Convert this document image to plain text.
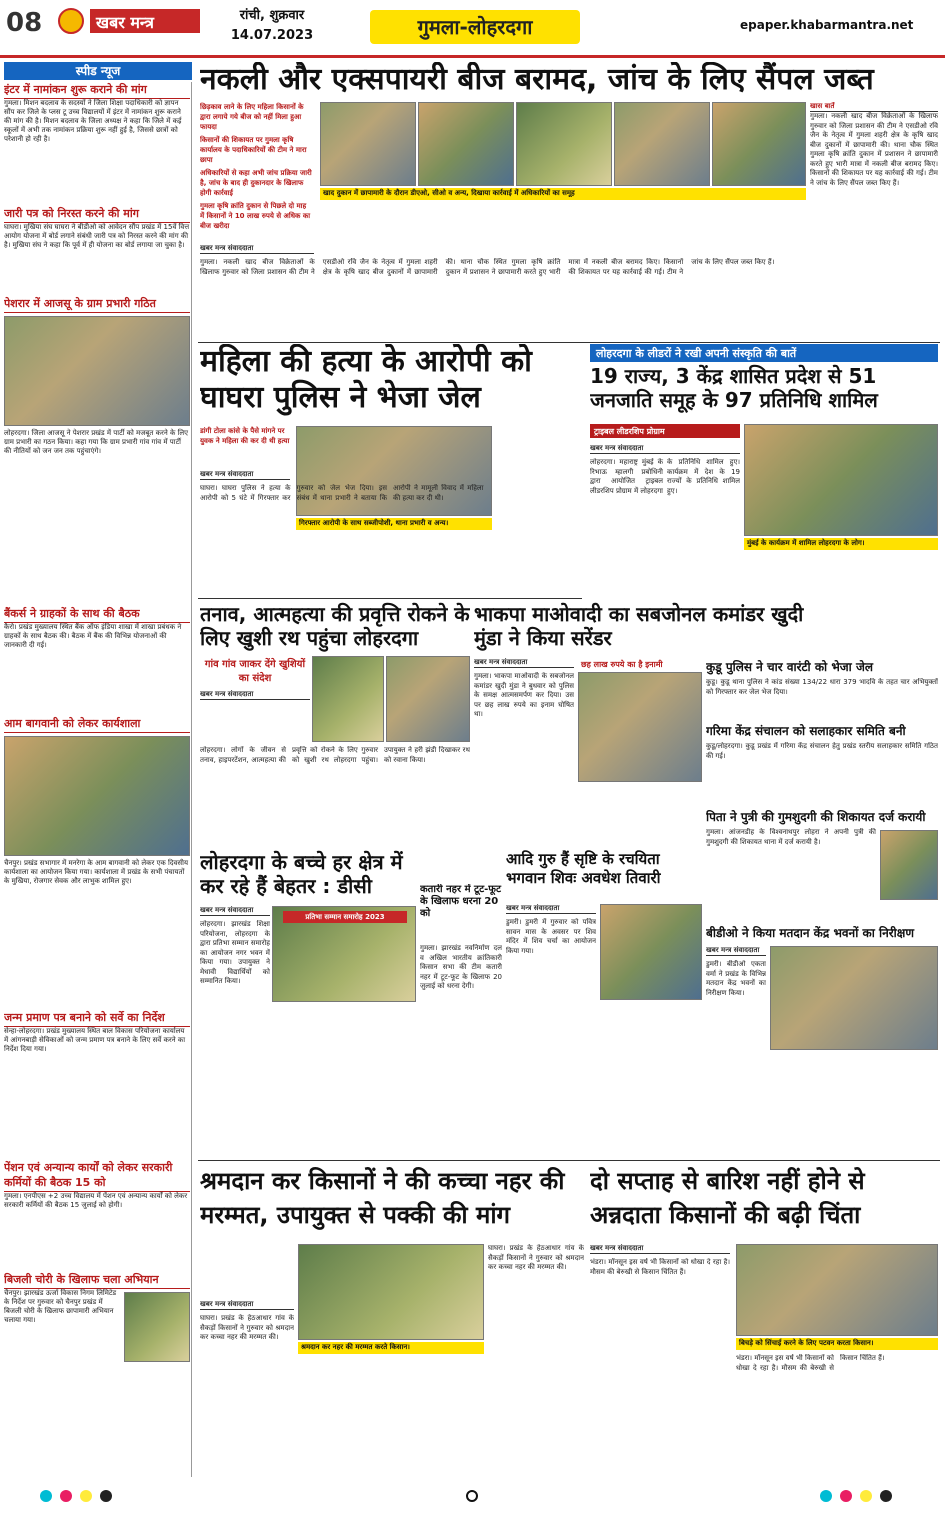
08	खबर मन्त्र	रांची, शुक्रवार
14.07.2023	गुमला-लोहरदगा	epaper.khabarmantra.net
स्पीड न्यूज
इंटर में नामांकन शुरू कराने की मांग
गुमला। मिशन बदलाव के सदस्यों ने जिला शिक्षा पदाधिकारी को ज्ञापन सौंप कर जिले के प्लस टू उच्च विद्यालयों में इंटर में नामांकन शुरू कराने की मांग की है। मिशन बदलाव के जिला अध्यक्ष ने कहा कि जिले में कई स्कूलों में अभी तक नामांकन प्रक्रिया शुरू नहीं हुई है, जिससे छात्रों को परेशानी हो रही है।
जारी पत्र को निरस्त करने की मांग
घाघरा। मुखिया संघ घाघरा ने बीडीओ को आवेदन सौंप प्रखंड में 15वें वित्त आयोग योजना में बोर्ड लगाने संबंधी जारी पत्र को निरस्त करने की मांग की है। मुखिया संघ ने कहा कि पूर्व में ही योजना का बोर्ड लगाया जा चुका है।
पेशरार में आजसू के ग्राम प्रभारी गठित
लोहरदगा। जिला आजसू ने पेशरार प्रखंड में पार्टी को मजबूत करने के लिए ग्राम प्रभारी का गठन किया। कहा गया कि ग्राम प्रभारी गांव गांव में पार्टी की नीतियों को जन जन तक पहुंचाएंगे।
बैंकर्स ने ग्राहकों के साथ की बैठक
कैरो। प्रखंड मुख्यालय स्थित बैंक ऑफ इंडिया शाखा में शाखा प्रबंधक ने ग्राहकों के साथ बैठक की। बैठक में बैंक की विभिन्न योजनाओं की जानकारी दी गई।
आम बागवानी को लेकर कार्यशाला
चैनपुर। प्रखंड सभागार में मनरेगा के आम बागवानी को लेकर एक दिवसीय कार्यशाला का आयोजन किया गया। कार्यशाला में प्रखंड के सभी पंचायतों के मुखिया, रोजगार सेवक और लाभुक शामिल हुए।
जन्म प्रमाण पत्र बनाने को सर्वे का निर्देश
सेन्हा-लोहरदगा। प्रखंड मुख्यालय स्थित बाल विकास परियोजना कार्यालय में आंगनबाड़ी सेविकाओं को जन्म प्रमाण पत्र बनाने के लिए सर्वे करने का निर्देश दिया गया।
पेंशन एवं अन्यान्य कार्यों को लेकर सरकारी कर्मियों की बैठक 15 को
गुमला। एनपीएस +2 उच्च विद्यालय में पेंशन एवं अन्यान्य कार्यों को लेकर सरकारी कर्मियों की बैठक 15 जुलाई को होगी।
बिजली चोरी के खिलाफ चला अभियान
चैनपुर। झारखंड ऊर्जा विकास निगम लिमिटेड के निर्देश पर गुरुवार को चैनपुर प्रखंड में बिजली चोरी के खिलाफ छापामारी अभियान चलाया गया।
नकली और एक्सपायरी बीज बरामद, जांच के लिए सैंपल जब्त
छिड़काव लाने के लिए महिला किसानों के द्वारा लगाये गये बीज को नहीं मिला हुआ फायदा
किसानों की शिकायत पर गुमला कृषि कार्यालय के पदाधिकारियों की टीम ने मारा छापा
अधिकारियों से कहा अभी जांच प्रक्रिया जारी है, जांच के बाद ही दुकानदार के खिलाफ होगी कार्रवाई
गुमला कृषि क्रांति दुकान से पिछले दो माह में किसानों ने 10 लाख रुपये से अधिक का बीज खरीदा
खाद दुकान में छापामारी के दौरान डीएओ, सीओ व अन्य, दिखाया कार्रवाई में अधिकारियों का समूह
खास बातें
गुमला। नकली खाद बीज विक्रेताओं के खिलाफ गुरुवार को जिला प्रशासन की टीम ने एसडीओ रवि जैन के नेतृत्व में गुमला शहरी क्षेत्र के कृषि खाद बीज दुकानों में छापामारी की। थाना चौक स्थित गुमला कृषि क्रांति दुकान में प्रशासन ने छापामारी करते हुए भारी मात्रा में नकली बीज बरामद किए। किसानों की शिकायत पर यह कार्रवाई की गई। टीम ने जांच के लिए सैंपल जब्त किए हैं।
खबर मन्त्र संवाददाता
गुमला। नकली खाद बीज विक्रेताओं के खिलाफ गुरुवार को जिला प्रशासन की टीम ने एसडीओ रवि जैन के नेतृत्व में गुमला शहरी क्षेत्र के कृषि खाद बीज दुकानों में छापामारी की। थाना चौक स्थित गुमला कृषि क्रांति दुकान में प्रशासन ने छापामारी करते हुए भारी मात्रा में नकली बीज बरामद किए। किसानों की शिकायत पर यह कार्रवाई की गई। टीम ने जांच के लिए सैंपल जब्त किए हैं।
महिला की हत्या के आरोपी को घाघरा पुलिस ने भेजा जेल
डांगी टोला कांसे के पैसे मांगने पर युवक ने महिला की कर दी थी हत्या
गिरफ्तार आरोपी के साथ सब्जीपोशी, थाना प्रभारी व अन्य।
खबर मन्त्र संवाददाता
घाघरा। घाघरा पुलिस ने हत्या के आरोपी को 5 घंटे में गिरफ्तार कर गुरुवार को जेल भेज दिया। इस संबंध में थाना प्रभारी ने बताया कि आरोपी ने मामूली विवाद में महिला की हत्या कर दी थी।
लोहरदगा के लीडरों ने रखी अपनी संस्कृति की बातें
19 राज्य, 3 केंद्र शासित प्रदेश से 51 जनजाति समूह के 97 प्रतिनिधि शामिल
ट्राइबल लीडरशिप प्रोग्राम
खबर मन्त्र संवाददाता
लोहरदगा। महाराष्ट्र मुंबई के रिभाऊ म्हालगी प्रबोधिनी द्वारा आयोजित ट्राइबल लीडरशिप प्रोग्राम में लोहरदगा के प्रतिनिधि शामिल हुए। कार्यक्रम में देश के 19 राज्यों के प्रतिनिधि शामिल हुए।
मुंबई के कार्यक्रम में शामिल लोहरदगा के लोग।
तनाव, आत्महत्या की प्रवृत्ति रोकने के लिए खुशी रथ पहुंचा लोहरदगा
गांव गांव जाकर देंगे खुशियों का संदेश
खबर मन्त्र संवाददाता
लोहरदगा। लोगों के जीवन से तनाव, हाइपरटेंशन, आत्महत्या की प्रवृत्ति को रोकने के लिए गुरुवार को खुशी रथ लोहरदगा पहुंचा। उपायुक्त ने हरी झंडी दिखाकर रथ को रवाना किया।
भाकपा माओवादी का सबजोनल कमांडर खुदी मुंडा ने किया सरेंडर
खबर मन्त्र संवाददाता
गुमला। भाकपा माओवादी के सबजोनल कमांडर खुदी मुंडा ने बुधवार को पुलिस के समक्ष आत्मसमर्पण कर दिया। उस पर छह लाख रुपये का इनाम घोषित था।
छह लाख रुपये का है इनामी	कुडू पुलिस ने चार वारंटी को भेजा जेल
कुडू। कुडू थाना पुलिस ने कांड संख्या 134/22 धारा 379 भादवि के तहत चार अभियुक्तों को गिरफ्तार कर जेल भेज दिया।
गरिमा केंद्र संचालन को सलाहकार समिति बनी
कुडू/लोहरदगा। कुडू प्रखंड में गरिमा केंद्र संचालन हेतु प्रखंड स्तरीय सलाहकार समिति गठित की गई।
पिता ने पुत्री की गुमशुदगी की शिकायत दर्ज करायी
गुमला। आंजनडीह के विश्वनाथपुर लोहरा ने अपनी पुत्री की गुमशुदगी की शिकायत थाना में दर्ज करायी है।
लोहरदगा के बच्चे हर क्षेत्र में कर रहे हैं बेहतर : डीसी
खबर मन्त्र संवाददाता
प्रतिभा सम्मान समारोह 2023
लोहरदगा। झारखंड शिक्षा परियोजना, लोहरदगा के द्वारा प्रतिभा सम्मान समारोह का आयोजन नगर भवन में किया गया। उपायुक्त ने मेधावी विद्यार्थियों को सम्मानित किया।
कतारी नहर में टूट-फूट के खिलाफ धरना 20 को
गुमला। झारखंड नवनिर्माण दल व अखिल भारतीय क्रांतिकारी किसान सभा की टीम कतारी नहर में टूट-फूट के खिलाफ 20 जुलाई को धरना देगी।
आदि गुरु हैं सृष्टि के रचयिता भगवान शिवः अवधेश तिवारी
खबर मन्त्र संवाददाता
डुमरी। डुमरी में गुरुवार को पवित्र सावन मास के अवसर पर शिव मंदिर में शिव चर्चा का आयोजन किया गया।
बीडीओ ने किया मतदान केंद्र भवनों का निरीक्षण
खबर मन्त्र संवाददाता
डुमरी। बीडीओ एकता वर्मा ने प्रखंड के विभिन्न मतदान केंद्र भवनों का निरीक्षण किया।
श्रमदान कर किसानों ने की कच्चा नहर की मरम्मत, उपायुक्त से पक्की की मांग
खबर मन्त्र संवाददाता
घाघरा। प्रखंड के हेठआधार गांव के सैकड़ों किसानों ने गुरुवार को श्रमदान कर कच्चा नहर की मरम्मत की।
श्रमदान कर नहर की मरम्मत करते किसान।
घाघरा। प्रखंड के हेठआधार गांव के सैकड़ों किसानों ने गुरुवार को श्रमदान कर कच्चा नहर की मरम्मत की।
दो सप्ताह से बारिश नहीं होने से अन्नदाता किसानों की बढ़ी चिंता
खबर मन्त्र संवाददाता
बिचड़े को सिंचाई करने के लिए पटवन करता किसान।
भंडरा। मॉनसून इस वर्ष भी किसानों को धोखा दे रहा है। मौसम की बेरुखी से किसान चिंतित हैं।
भंडरा। मॉनसून इस वर्ष भी किसानों को धोखा दे रहा है। मौसम की बेरुखी से किसान चिंतित हैं।
